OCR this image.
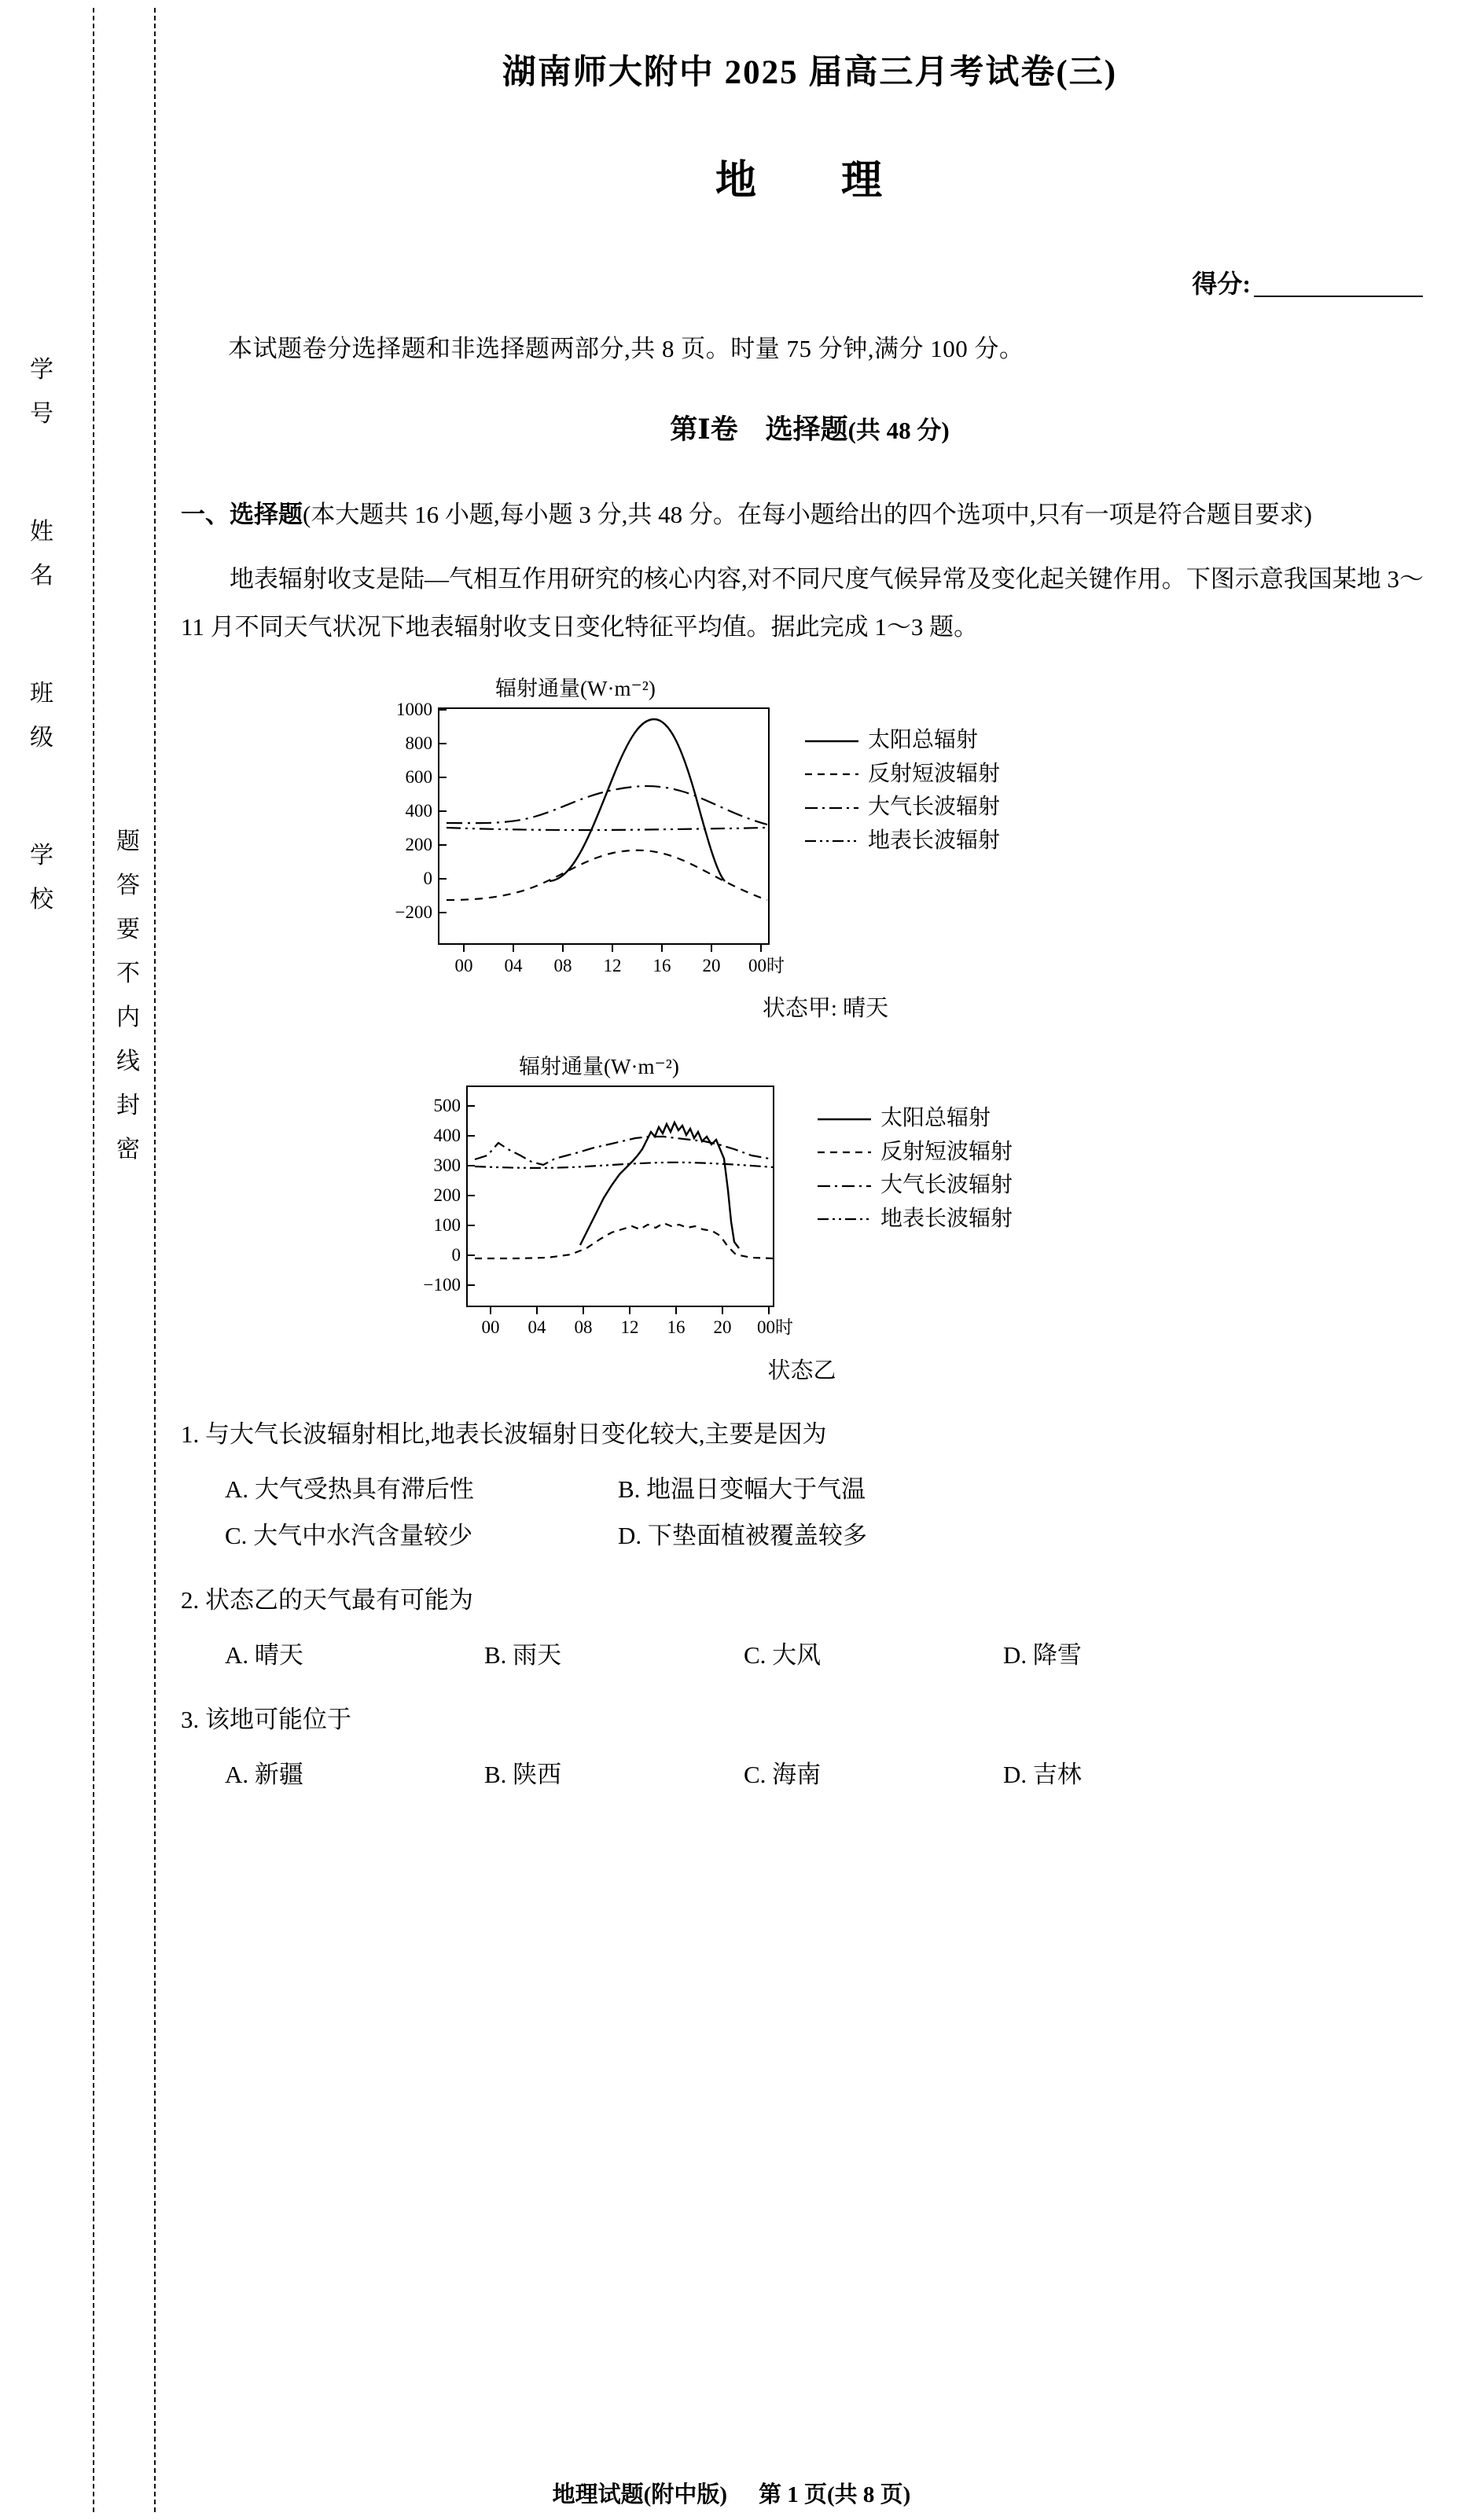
学
号
姓
名
班
级
学
校
题
答
要
不
内
线
封
密
湖南师大附中 2025 届高三月考试卷(三)
地　理
得分:
本试题卷分选择题和非选择题两部分,共 8 页。时量 75 分钟,满分 100 分。
第Ⅰ卷　选择题(共 48 分)
一、选择题(本大题共 16 小题,每小题 3 分,共 48 分。在每小题给出的四个选项中,只有一项是符合题目要求)
地表辐射收支是陆—气相互作用研究的核心内容,对不同尺度气候异常及变化起关键作用。下图示意我国某地 3～11 月不同天气状况下地表辐射收支日变化特征平均值。据此完成 1～3 题。
辐射通量(W·m⁻²)
1000
800
600
400
200
0
−200
00 04 08 12 16 20 00时
太阳总辐射
反射短波辐射
大气长波辐射
地表长波辐射
状态甲: 晴天
辐射通量(W·m⁻²)
500
400
300
200
100
0
−100
00 04 08 12 16 20 00时
太阳总辐射
反射短波辐射
大气长波辐射
地表长波辐射
状态乙
1. 与大气长波辐射相比,地表长波辐射日变化较大,主要是因为
A. 大气受热具有滞后性	B. 地温日变幅大于气温
C. 大气中水汽含量较少	D. 下垫面植被覆盖较多
2. 状态乙的天气最有可能为
A. 晴天	B. 雨天	C. 大风	D. 降雪
3. 该地可能位于
A. 新疆	B. 陕西	C. 海南	D. 吉林
地理试题(附中版) 第 1 页(共 8 页)
